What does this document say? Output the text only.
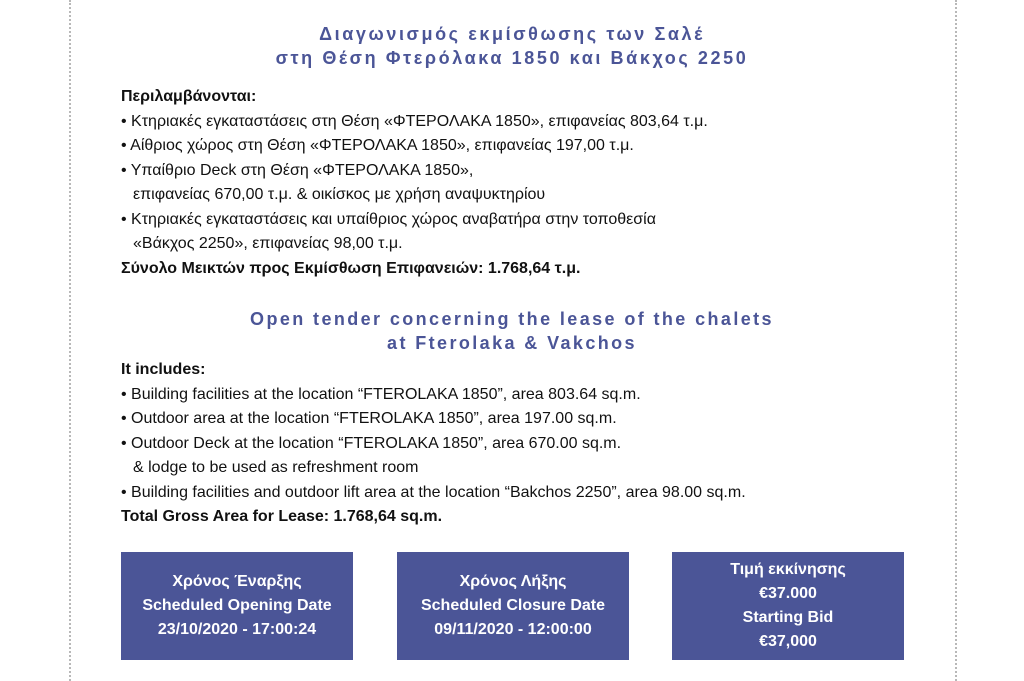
Διαγωνισμός εκμίσθωσης των Σαλέ
στη Θέση Φτερόλακα 1850 και Βάκχος 2250
Περιλαμβάνονται:
• Κτηριακές εγκαταστάσεις στη Θέση «ΦΤΕΡΟΛΑΚΑ 1850», επιφανείας 803,64 τ.μ.
• Αίθριος χώρος στη Θέση «ΦΤΕΡΟΛΑΚΑ 1850», επιφανείας 197,00 τ.μ.
• Υπαίθριο Deck στη Θέση «ΦΤΕΡΟΛΑΚΑ 1850»,
επιφανείας 670,00 τ.μ. & οικίσκος με χρήση αναψυκτηρίου
• Κτηριακές εγκαταστάσεις και υπαίθριος χώρος αναβατήρα στην τοποθεσία
«Βάκχος 2250», επιφανείας 98,00 τ.μ.
Σύνολο Μεικτών προς Εκμίσθωση Επιφανειών: 1.768,64 τ.μ.
Open tender concerning the lease of the chalets
at Fterolaka & Vakchos
It includes:
• Building facilities at the location “FTEROLAKA 1850”, area 803.64 sq.m.
• Outdoor area at the location “FTEROLAKA 1850”, area 197.00 sq.m.
• Outdoor Deck at the location “FTEROLAKA 1850”, area 670.00 sq.m.
& lodge to be used as refreshment room
• Building facilities and outdoor lift area at the location “Bakchos 2250”, area 98.00 sq.m.
Total Gross Area for Lease: 1.768,64 sq.m.
Χρόνος Έναρξης
Scheduled Opening Date
23/10/2020 - 17:00:24
Χρόνος Λήξης
Scheduled Closure Date
09/11/2020 - 12:00:00
Τιμή εκκίνησης
€37.000
Starting Bid
€37,000
